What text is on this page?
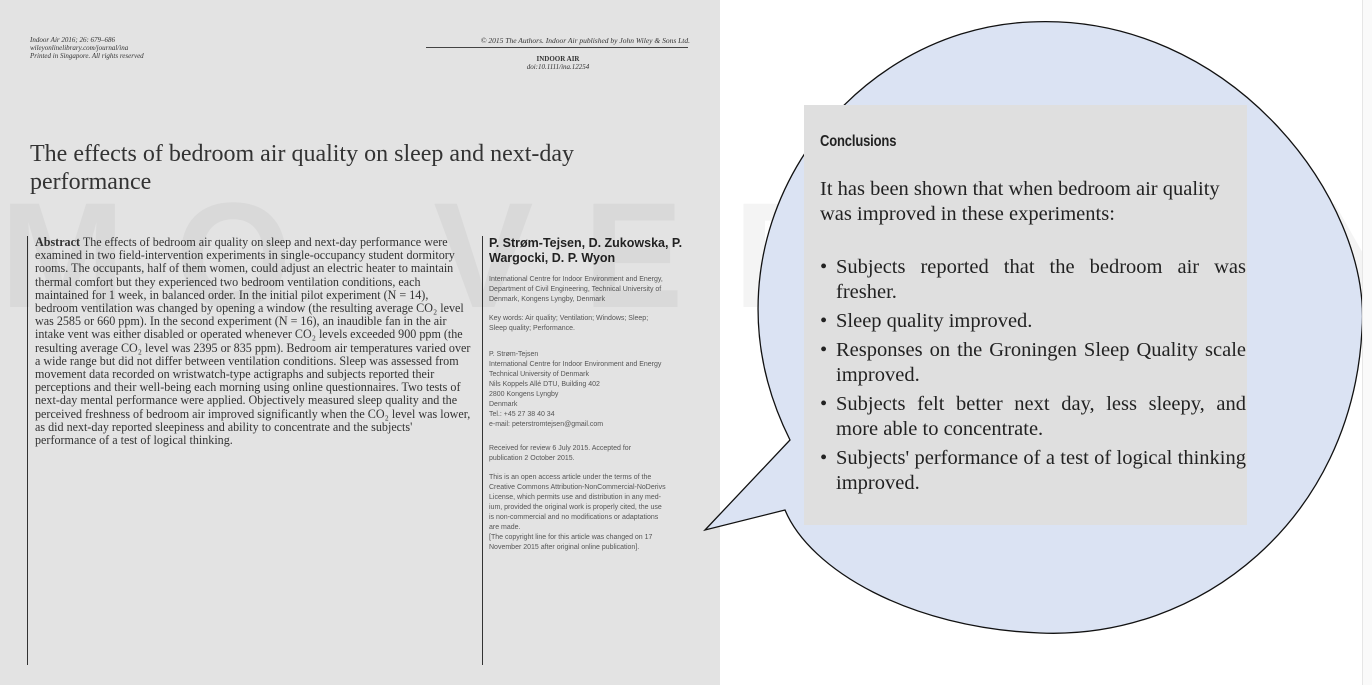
Indoor Air 2016; 26: 679–686
wileyonlinelibrary.com/journal/ina
Printed in Singapore. All rights reserved
© 2015 The Authors. Indoor Air published by John Wiley & Sons Ltd.
INDOOR AIR
doi:10.1111/ina.12254
The effects of bedroom air quality on sleep and next-day performance
Abstract The effects of bedroom air quality on sleep and next-day performance were examined in two field-intervention experiments in single-occupancy student dormitory rooms. The occupants, half of them women, could adjust an electric heater to maintain thermal comfort but they experienced two bedroom ventilation conditions, each maintained for 1 week, in balanced order. In the initial pilot experiment (N = 14), bedroom ventilation was changed by opening a window (the resulting average CO₂ level was 2585 or 660 ppm). In the second experiment (N = 16), an inaudible fan in the air intake vent was either disabled or operated whenever CO₂ levels exceeded 900 ppm (the resulting average CO₂ level was 2395 or 835 ppm). Bedroom air temperatures varied over a wide range but did not differ between ventilation conditions. Sleep was assessed from movement data recorded on wristwatch-type actigraphs and subjects reported their perceptions and their well-being each morning using online questionnaires. Two tests of next-day mental performance were applied. Objectively measured sleep quality and the perceived freshness of bedroom air improved significantly when the CO₂ level was lower, as did next-day reported sleepiness and ability to concentrate and the subjects' performance of a test of logical thinking.
P. Strøm-Tejsen, D. Zukowska, P. Wargocki, D. P. Wyon
International Centre for Indoor Environment and Energy,
Department of Civil Engineering, Technical University of
Denmark, Kongens Lyngby, Denmark
Key words: Air quality; Ventilation; Windows; Sleep;
Sleep quality; Performance.
P. Strøm-Tejsen
International Centre for Indoor Environment and Energy
Technical University of Denmark
Nils Koppels Allé DTU, Building 402
2800 Kongens Lyngby
Denmark
Tel.: +45 27 38 40 34
e-mail: peterstromtejsen@gmail.com
Received for review 6 July 2015. Accepted for
publication 2 October 2015.
This is an open access article under the terms of the
Creative Commons Attribution-NonCommercial-NoDerivs
License, which permits use and distribution in any med-
ium, provided the original work is properly cited, the use
is non-commercial and no modifications or adaptations
are made.
[The copyright line for this article was changed on 17
November 2015 after original online publication].
Conclusions
It has been shown that when bedroom air quality was improved in these experiments:
• Subjects reported that the bedroom air was fresher.
• Sleep quality improved.
• Responses on the Groningen Sleep Quality scale improved.
• Subjects felt better next day, less sleepy, and more able to concentrate.
• Subjects' performance of a test of logical thinking improved.
